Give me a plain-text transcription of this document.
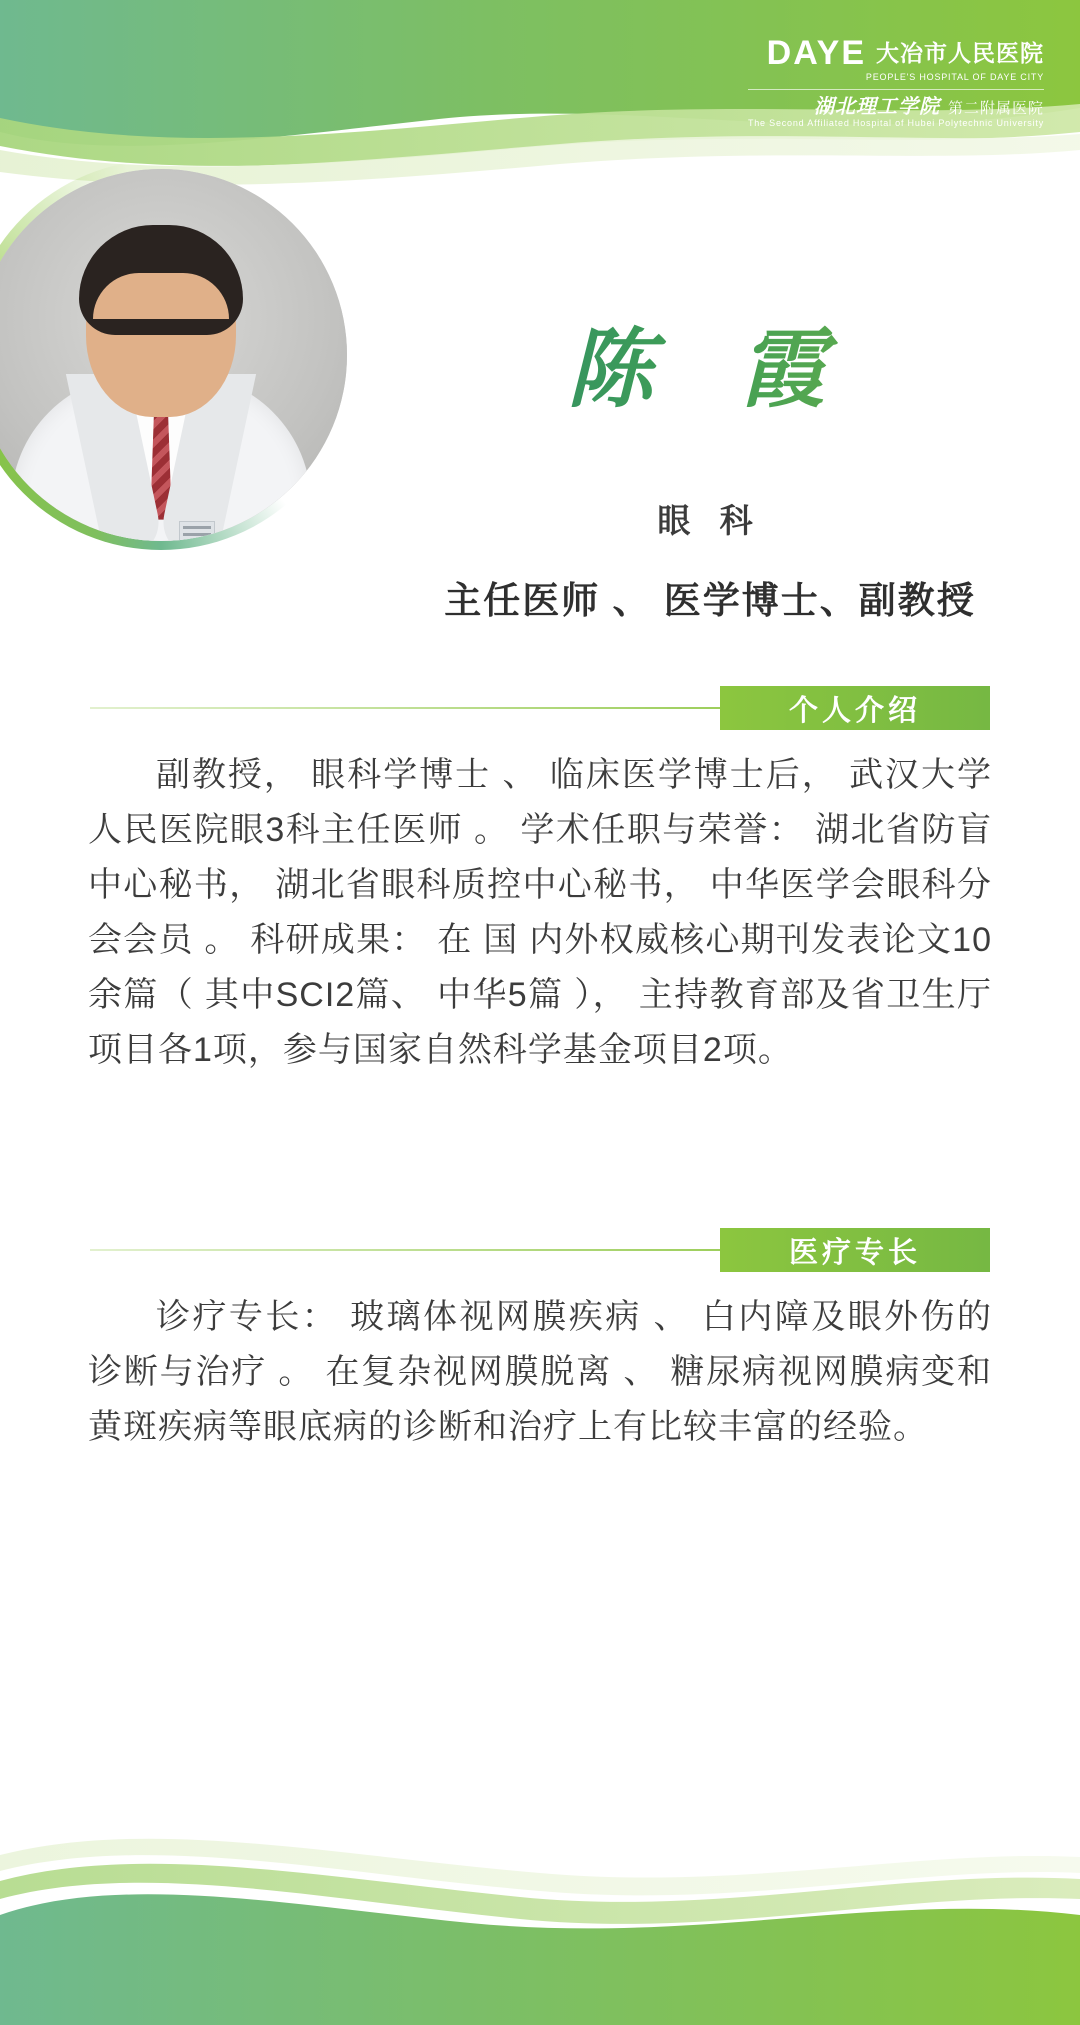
DAYE 大冶市人民医院
PEOPLE'S HOSPITAL OF DAYE CITY
湖北理工学院 第二附属医院
The Second Affiliated Hospital of Hubei Polytechnic University
陈 霞
眼 科
主任医师 、 医学博士、副教授
个人介绍
副教授， 眼科学博士 、 临床医学博士后， 武汉大学人民医院眼3科主任医师 。 学术任职与荣誉： 湖北省防盲中心秘书， 湖北省眼科质控中心秘书， 中华医学会眼科分会会员 。 科研成果： 在 国 内外权威核心期刊发表论文10余篇（ 其中SCI2篇、 中华5篇 ）， 主持教育部及省卫生厅项目各1项，参与国家自然科学基金项目2项。
医疗专长
诊疗专长： 玻璃体视网膜疾病 、 白内障及眼外伤的诊断与治疗 。 在复杂视网膜脱离 、 糖尿病视网膜病变和黄斑疾病等眼底病的诊断和治疗上有比较丰富的经验。
